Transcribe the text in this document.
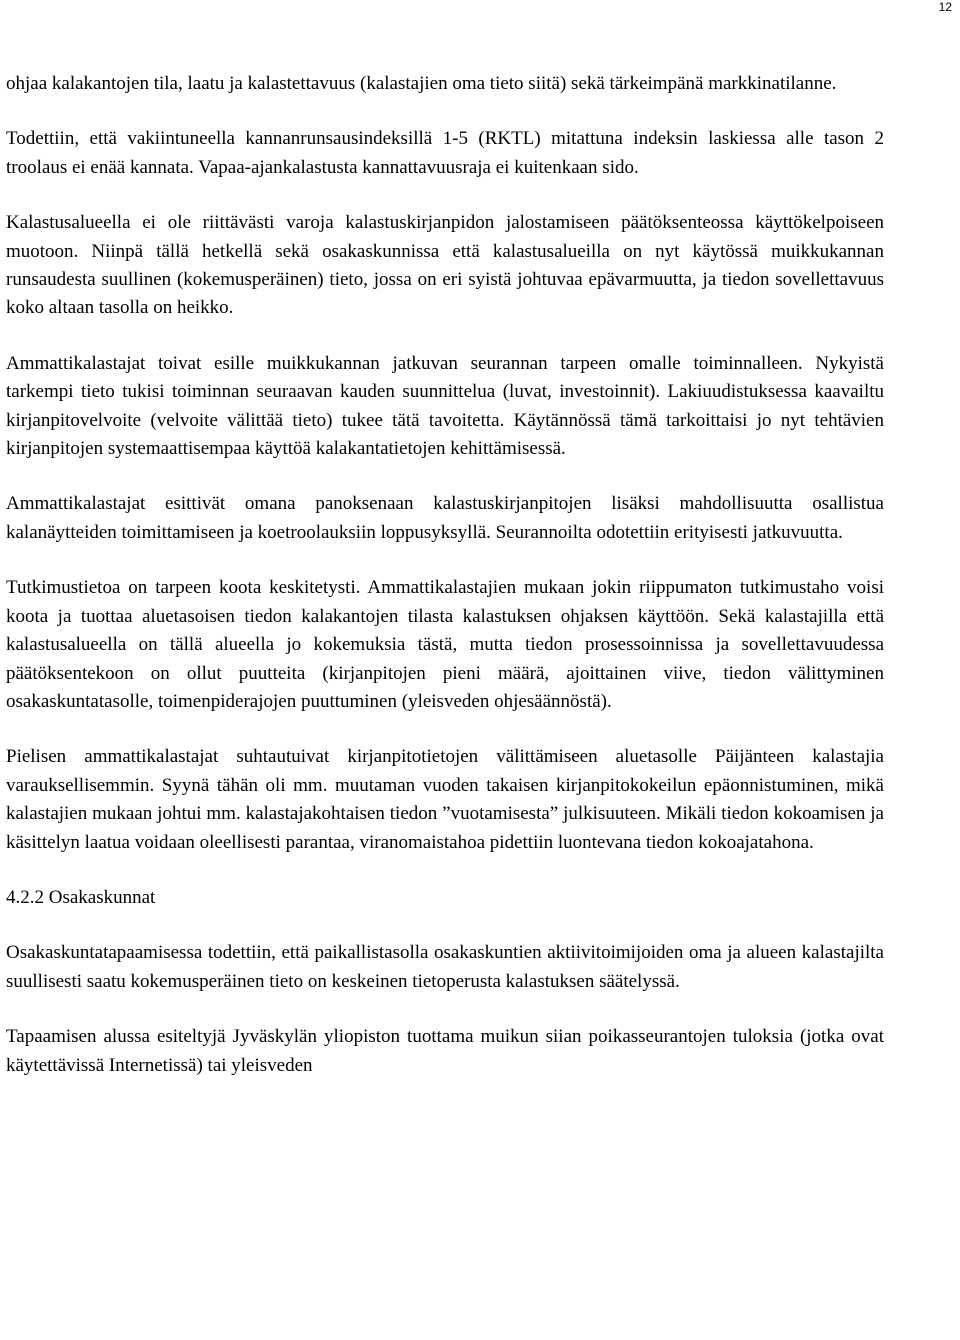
12

ohjaa kalakantojen tila, laatu ja kalastettavuus (kalastajien oma tieto siitä) sekä tärkeimpänä markkinatilanne.

Todettiin, että vakiintuneella kannanrunsausindeksillä 1-5 (RKTL) mitattuna indeksin laskiessa alle tason 2 troolaus ei enää kannata. Vapaa-ajankalastusta kannattavuusraja ei kuitenkaan sido.

Kalastusalueella ei ole riittävästi varoja kalastuskirjanpidon jalostamiseen päätöksenteossa käyttökelpoiseen muotoon. Niinpä tällä hetkellä sekä osakaskunnissa että kalastusalueilla on nyt käytössä muikkukannan runsaudesta suullinen (kokemusperäinen) tieto, jossa on eri syistä johtuvaa epävarmuutta, ja tiedon sovellettavuus koko altaan tasolla on heikko.

Ammattikalastajat toivat esille muikkukannan jatkuvan seurannan tarpeen omalle toiminnalleen. Nykyistä tarkempi tieto tukisi toiminnan seuraavan kauden suunnittelua (luvat, investoinnit). Lakiuudistuksessa kaavailtu kirjanpitovelvoite (velvoite välittää tieto) tukee tätä tavoitetta. Käytännössä tämä tarkoittaisi jo nyt tehtävien kirjanpitojen systemaattisempaa käyttöä kalakantatietojen kehittämisessä.

Ammattikalastajat esittivät omana panoksenaan kalastuskirjanpitojen lisäksi mahdollisuutta osallistua kalanäytteiden toimittamiseen ja koetroolauksiin loppusyksyllä. Seurannoilta odotettiin erityisesti jatkuvuutta.

Tutkimustietoa on tarpeen koota keskitetysti. Ammattikalastajien mukaan jokin riippumaton tutkimustaho voisi koota ja tuottaa aluetasoisen tiedon kalakantojen tilasta kalastuksen ohjaksen käyttöön. Sekä kalastajilla että kalastusalueella on tällä alueella jo kokemuksia tästä, mutta tiedon prosessoinnissa ja sovellettavuudessa päätöksentekoon on ollut puutteita (kirjanpitojen pieni määrä, ajoittainen viive, tiedon välittyminen osakaskuntatasolle, toimenpiderajojen puuttuminen (yleisveden ohjesäännöstä).

Pielisen ammattikalastajat suhtautuivat kirjanpitotietojen välittämiseen aluetasolle Päijänteen kalastajia varauksellisemmin. Syynä tähän oli mm. muutaman vuoden takaisen kirjanpitokokeilun epäonnistuminen, mikä kalastajien mukaan johtui mm. kalastajakohtaisen tiedon ”vuotamisesta” julkisuuteen. Mikäli tiedon kokoamisen ja käsittelyn laatua voidaan oleellisesti parantaa, viranomaistahoa pidettiin luontevana tiedon kokoajatahona.

4.2.2 Osakaskunnat

Osakaskuntatapaamisessa todettiin, että paikallistasolla osakaskuntien aktiivitoimijoiden oma ja alueen kalastajilta suullisesti saatu kokemusperäinen tieto on keskeinen tietoperusta kalastuksen säätelyssä.

Tapaamisen alussa esiteltyjä Jyväskylän yliopiston tuottama muikun siian poikasseurantojen tuloksia (jotka ovat käytettävissä Internetissä) tai yleisveden
